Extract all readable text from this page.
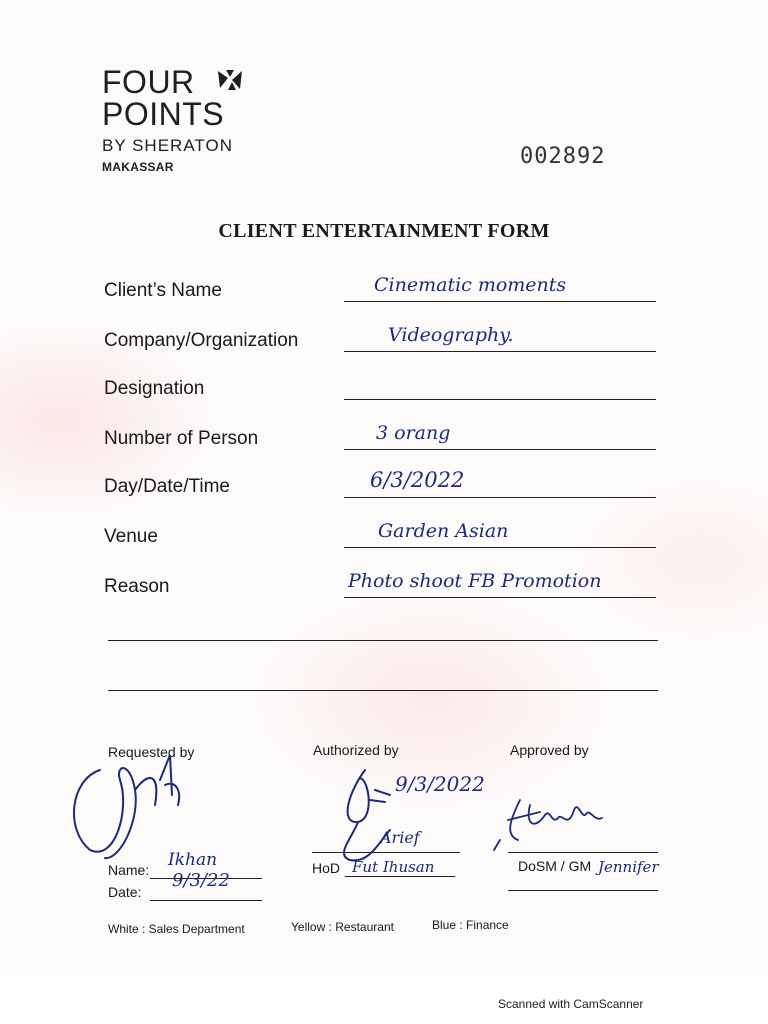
FOUR
POINTS
BY SHERATON
MAKASSAR	002892
CLIENT ENTERTAINMENT FORM
Client’s Name	Cinematic moments
Company/Organization	Videography.
Designation
Number of Person	3 orang
Day/Date/Time	6/3/2022
Venue	Garden Asian
Reason	Photo shoot FB Promotion
Requested by	Authorized by	Approved by
9/3/2022
Arief
Name: Ikhan
Date:
9/3/22
HoD Fut Ihusan	DoSM / GM Jennifer
White : Sales Department	Yellow : Restaurant	Blue : Finance
Scanned with CamScanner
